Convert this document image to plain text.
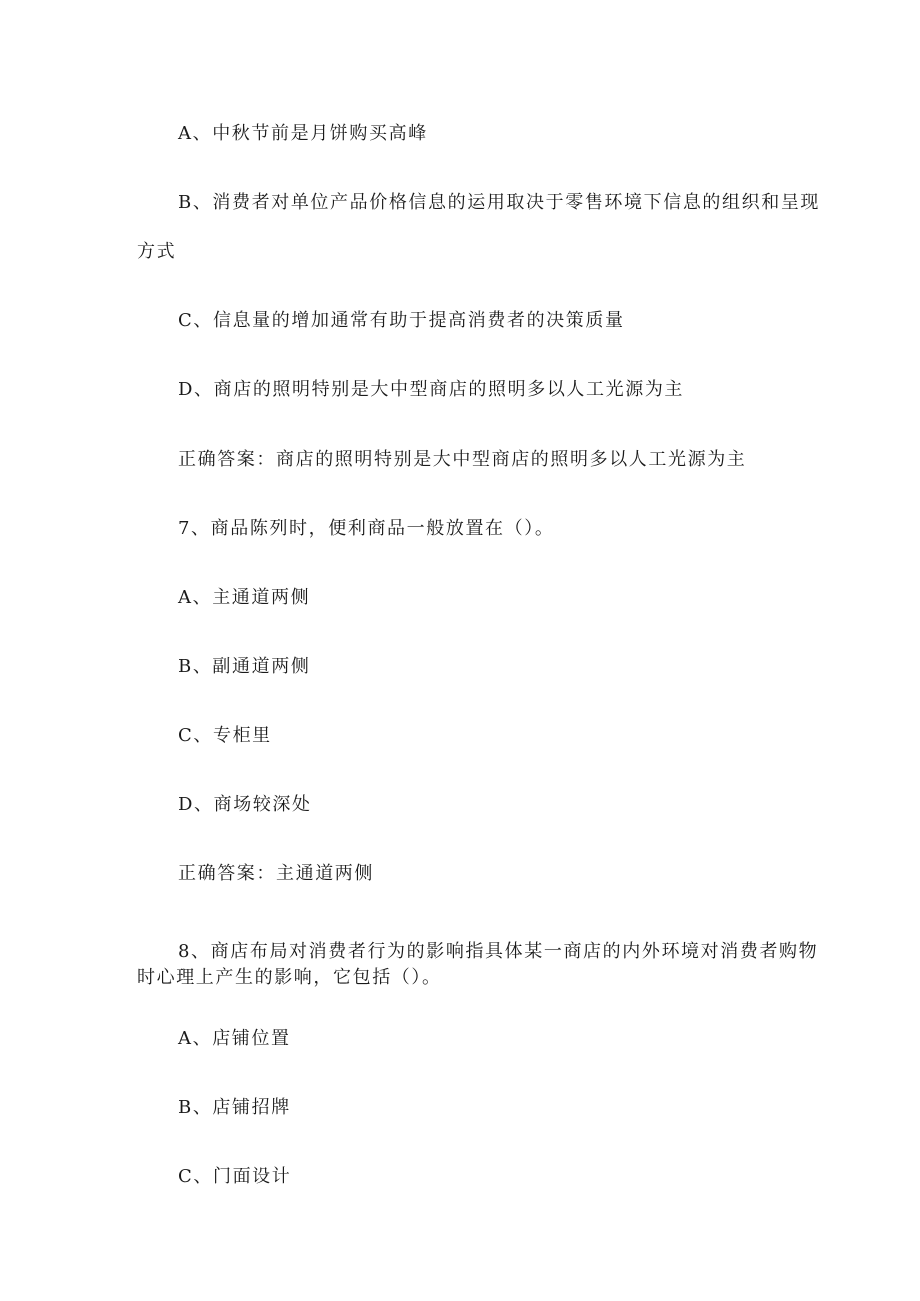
A、中秋节前是月饼购买高峰
B、消费者对单位产品价格信息的运用取决于零售环境下信息的组织和呈现
方式
C、信息量的增加通常有助于提高消费者的决策质量
D、商店的照明特别是大中型商店的照明多以人工光源为主
正确答案：商店的照明特别是大中型商店的照明多以人工光源为主
7、商品陈列时，便利商品一般放置在（）。
A、主通道两侧
B、副通道两侧
C、专柜里
D、商场较深处
正确答案：主通道两侧
8、商店布局对消费者行为的影响指具体某一商店的内外环境对消费者购物
时心理上产生的影响，它包括（）。
A、店铺位置
B、店铺招牌
C、门面设计
